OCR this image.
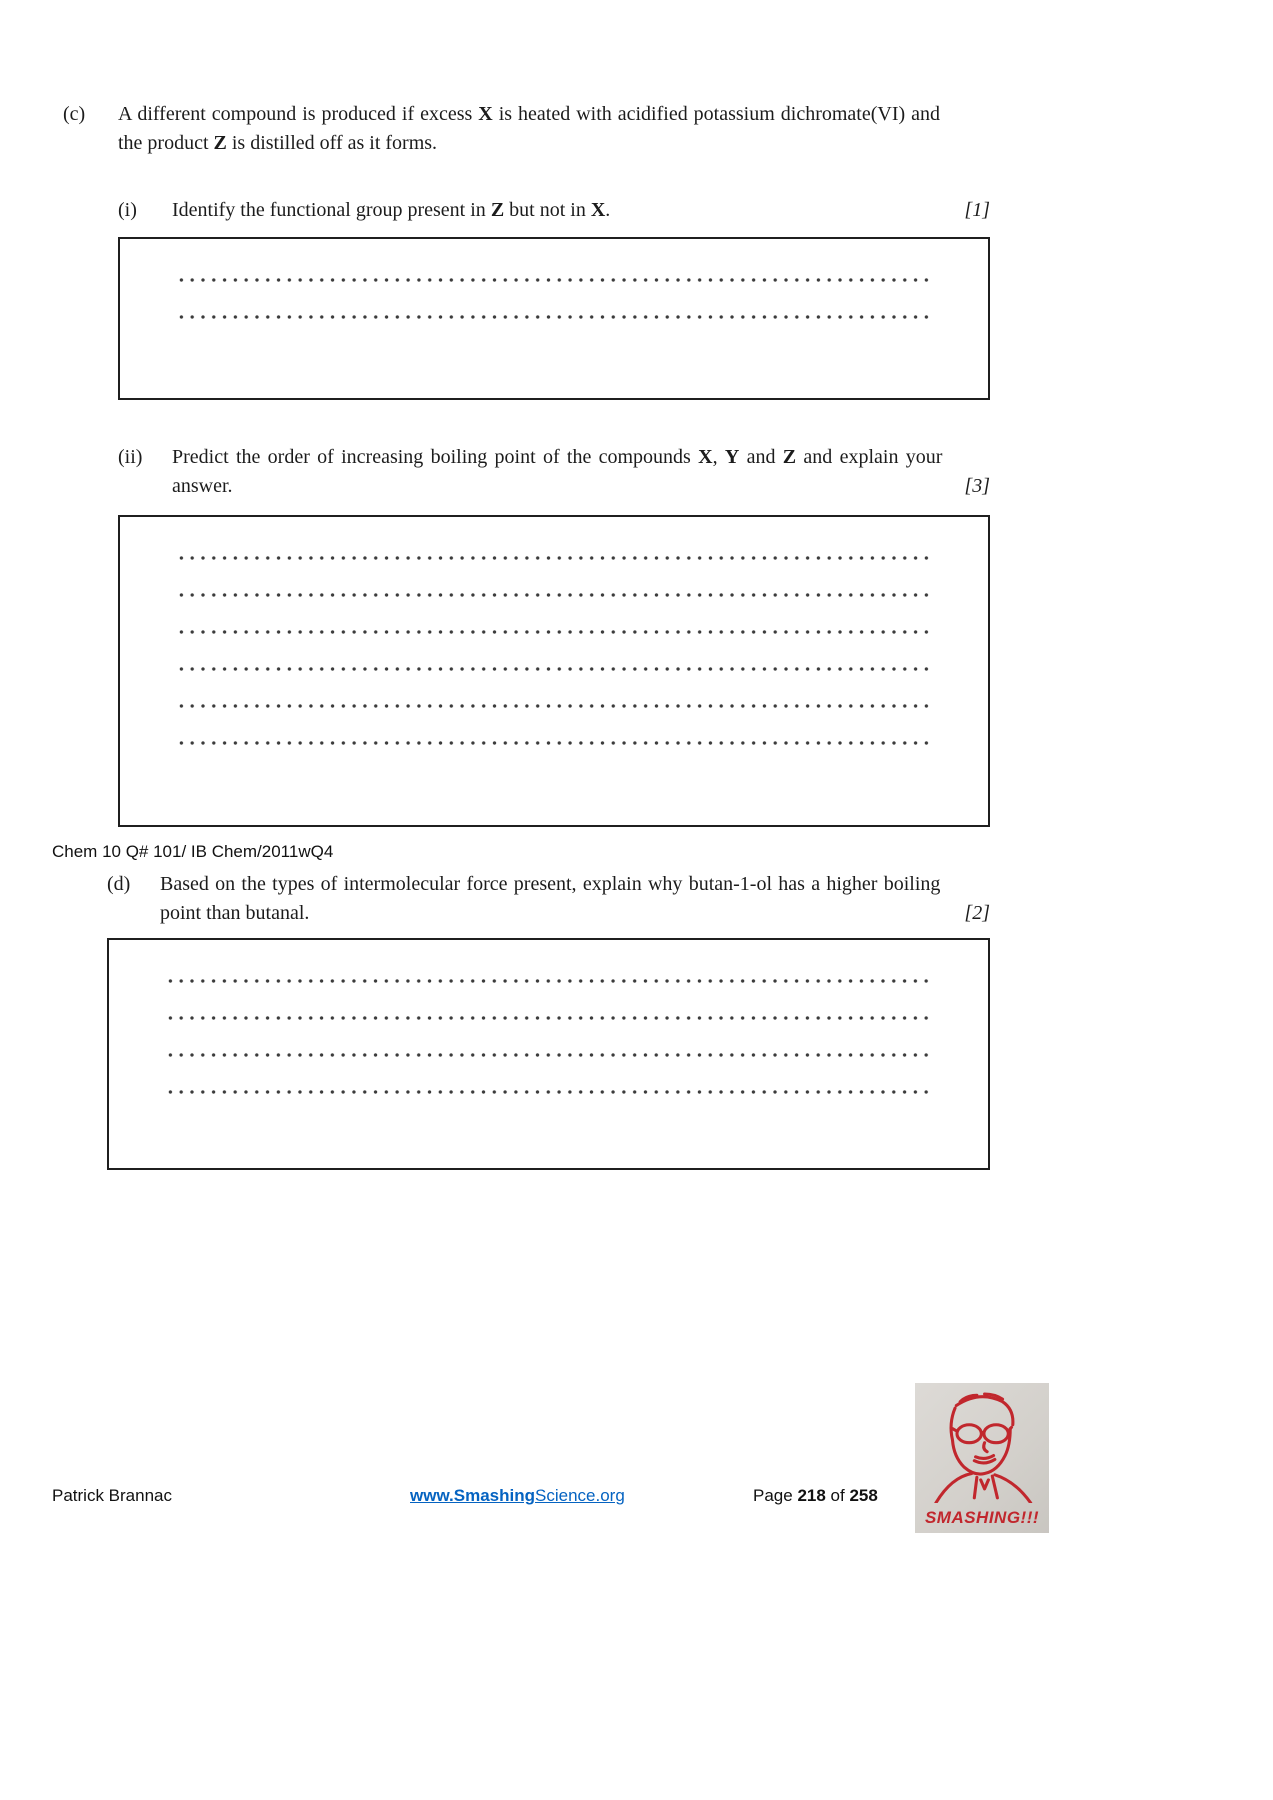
(c)	A different compound is produced if excess X is heated with acidified potassium dichromate(VI) and the product Z is distilled off as it forms.

(i)	Identify the functional group present in Z but not in X.	[1]
(ii)	Predict the order of increasing boiling point of the compounds X, Y and Z and explain your answer.	[3]
Chem 10 Q# 101/ IB Chem/2011wQ4
(d)	Based on the types of intermolecular force present, explain why butan-1-ol has a higher boiling point than butanal.	[2]
Patrick Brannac	www.SmashingScience.org	Page 218 of 258
SMASHING!!!
